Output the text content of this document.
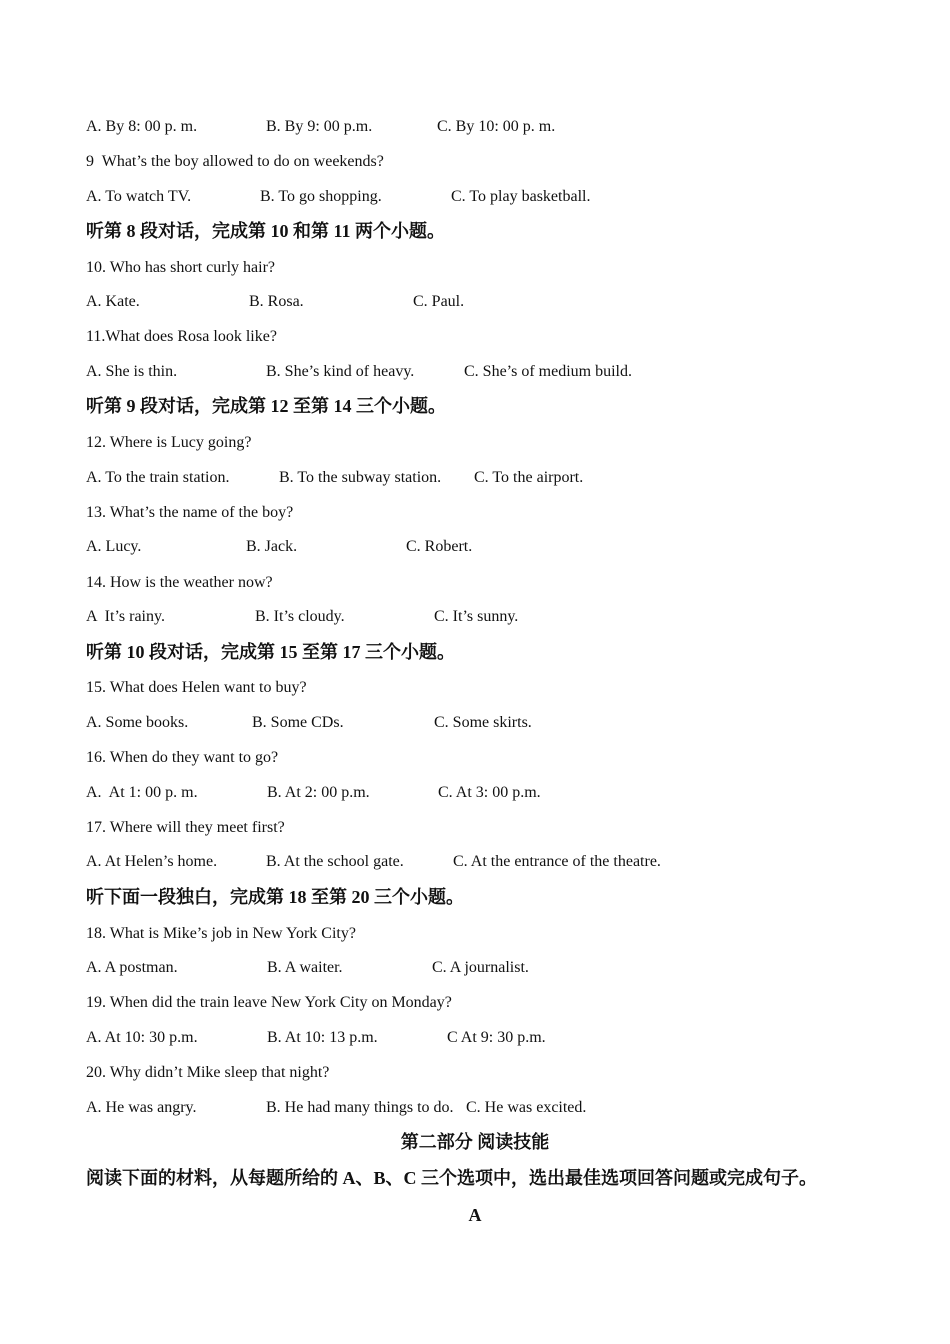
A. By 8: 00 p. m.	B. By 9: 00 p.m.	C. By 10: 00 p. m.
9  What’s the boy allowed to do on weekends?
A. To watch TV.	B. To go shopping.	C. To play basketball.
听第 8 段对话，完成第 10 和第 11 两个小题。
10. Who has short curly hair?
A. Kate.	B. Rosa.	C. Paul.
11.What does Rosa look like?
A. She is thin.	B. She’s kind of heavy.	C. She’s of medium build.
听第 9 段对话，完成第 12 至第 14 三个小题。
12. Where is Lucy going?
A. To the train station.	B. To the subway station. C. To the airport.
13. What’s the name of the boy?
A. Lucy.	B. Jack.	C. Robert.
14. How is the weather now?
A  It’s rainy.	B. It’s cloudy.	C. It’s sunny.
听第 10 段对话，完成第 15 至第 17 三个小题。
15. What does Helen want to buy?
A. Some books.	B. Some CDs.	C. Some skirts.
16. When do they want to go?
A.  At 1: 00 p. m.	B. At 2: 00 p.m.	C. At 3: 00 p.m.
17. Where will they meet first?
A. At Helen’s home.	B. At the school gate.	C. At the entrance of the theatre.
听下面一段独白，完成第 18 至第 20 三个小题。
18. What is Mike’s job in New York City?
A. A postman.	B. A waiter.	C. A journalist.
19. When did the train leave New York City on Monday?
A. At 10: 30 p.m.	B. At 10: 13 p.m.	C At 9: 30 p.m.
20. Why didn’t Mike sleep that night?
A. He was angry.	B. He had many things to do. C. He was excited.
第二部分 阅读技能
阅读下面的材料，从每题所给的 A、B、C 三个选项中，选出最佳选项回答问题或完成句子。
A
